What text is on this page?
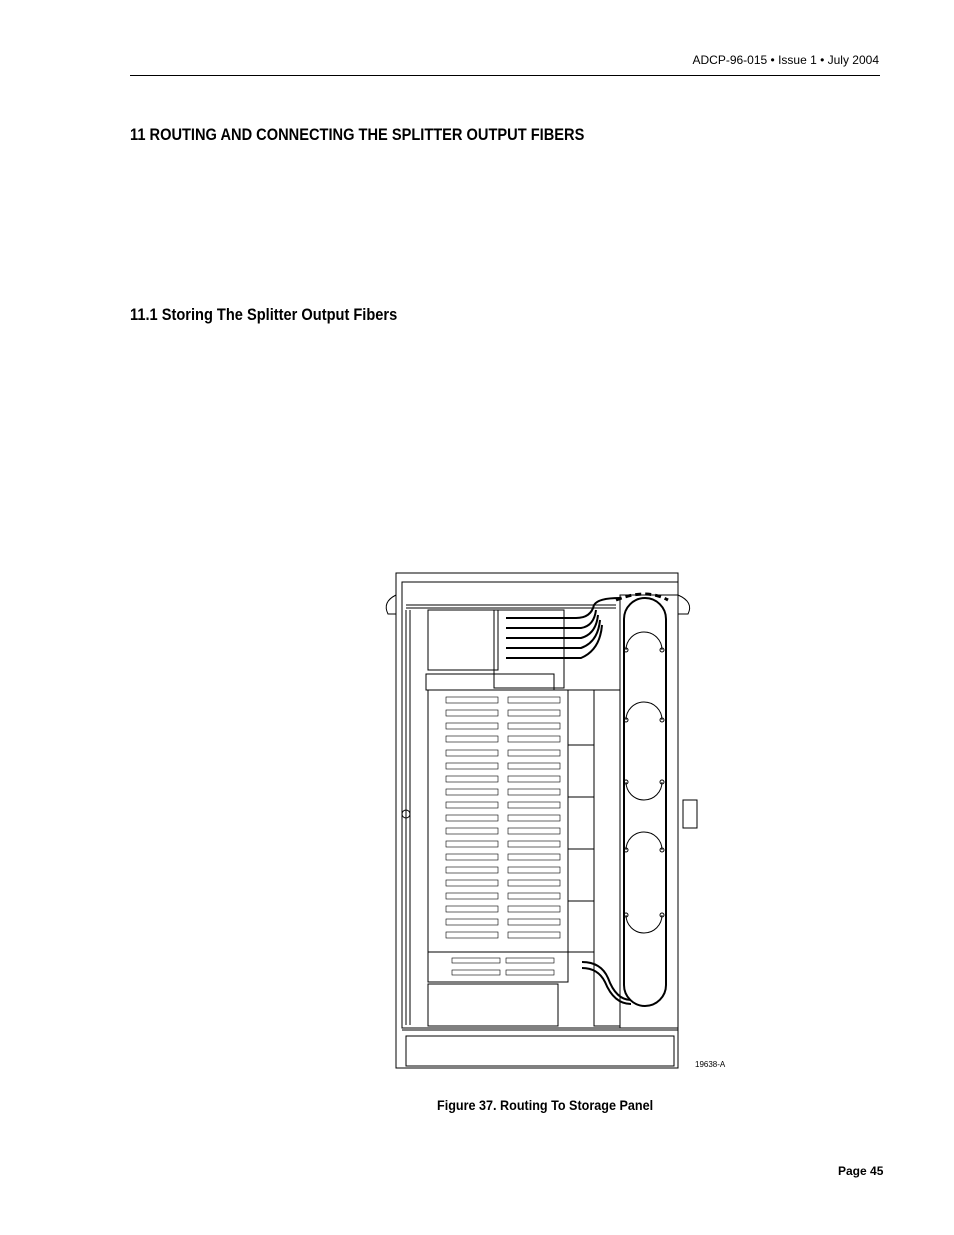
ADCP-96-015 • Issue 1 • July 2004
11 ROUTING AND CONNECTING THE SPLITTER OUTPUT FIBERS
11.1 Storing The Splitter Output Fibers
19638-A
Figure 37. Routing To Storage Panel
Page 45
